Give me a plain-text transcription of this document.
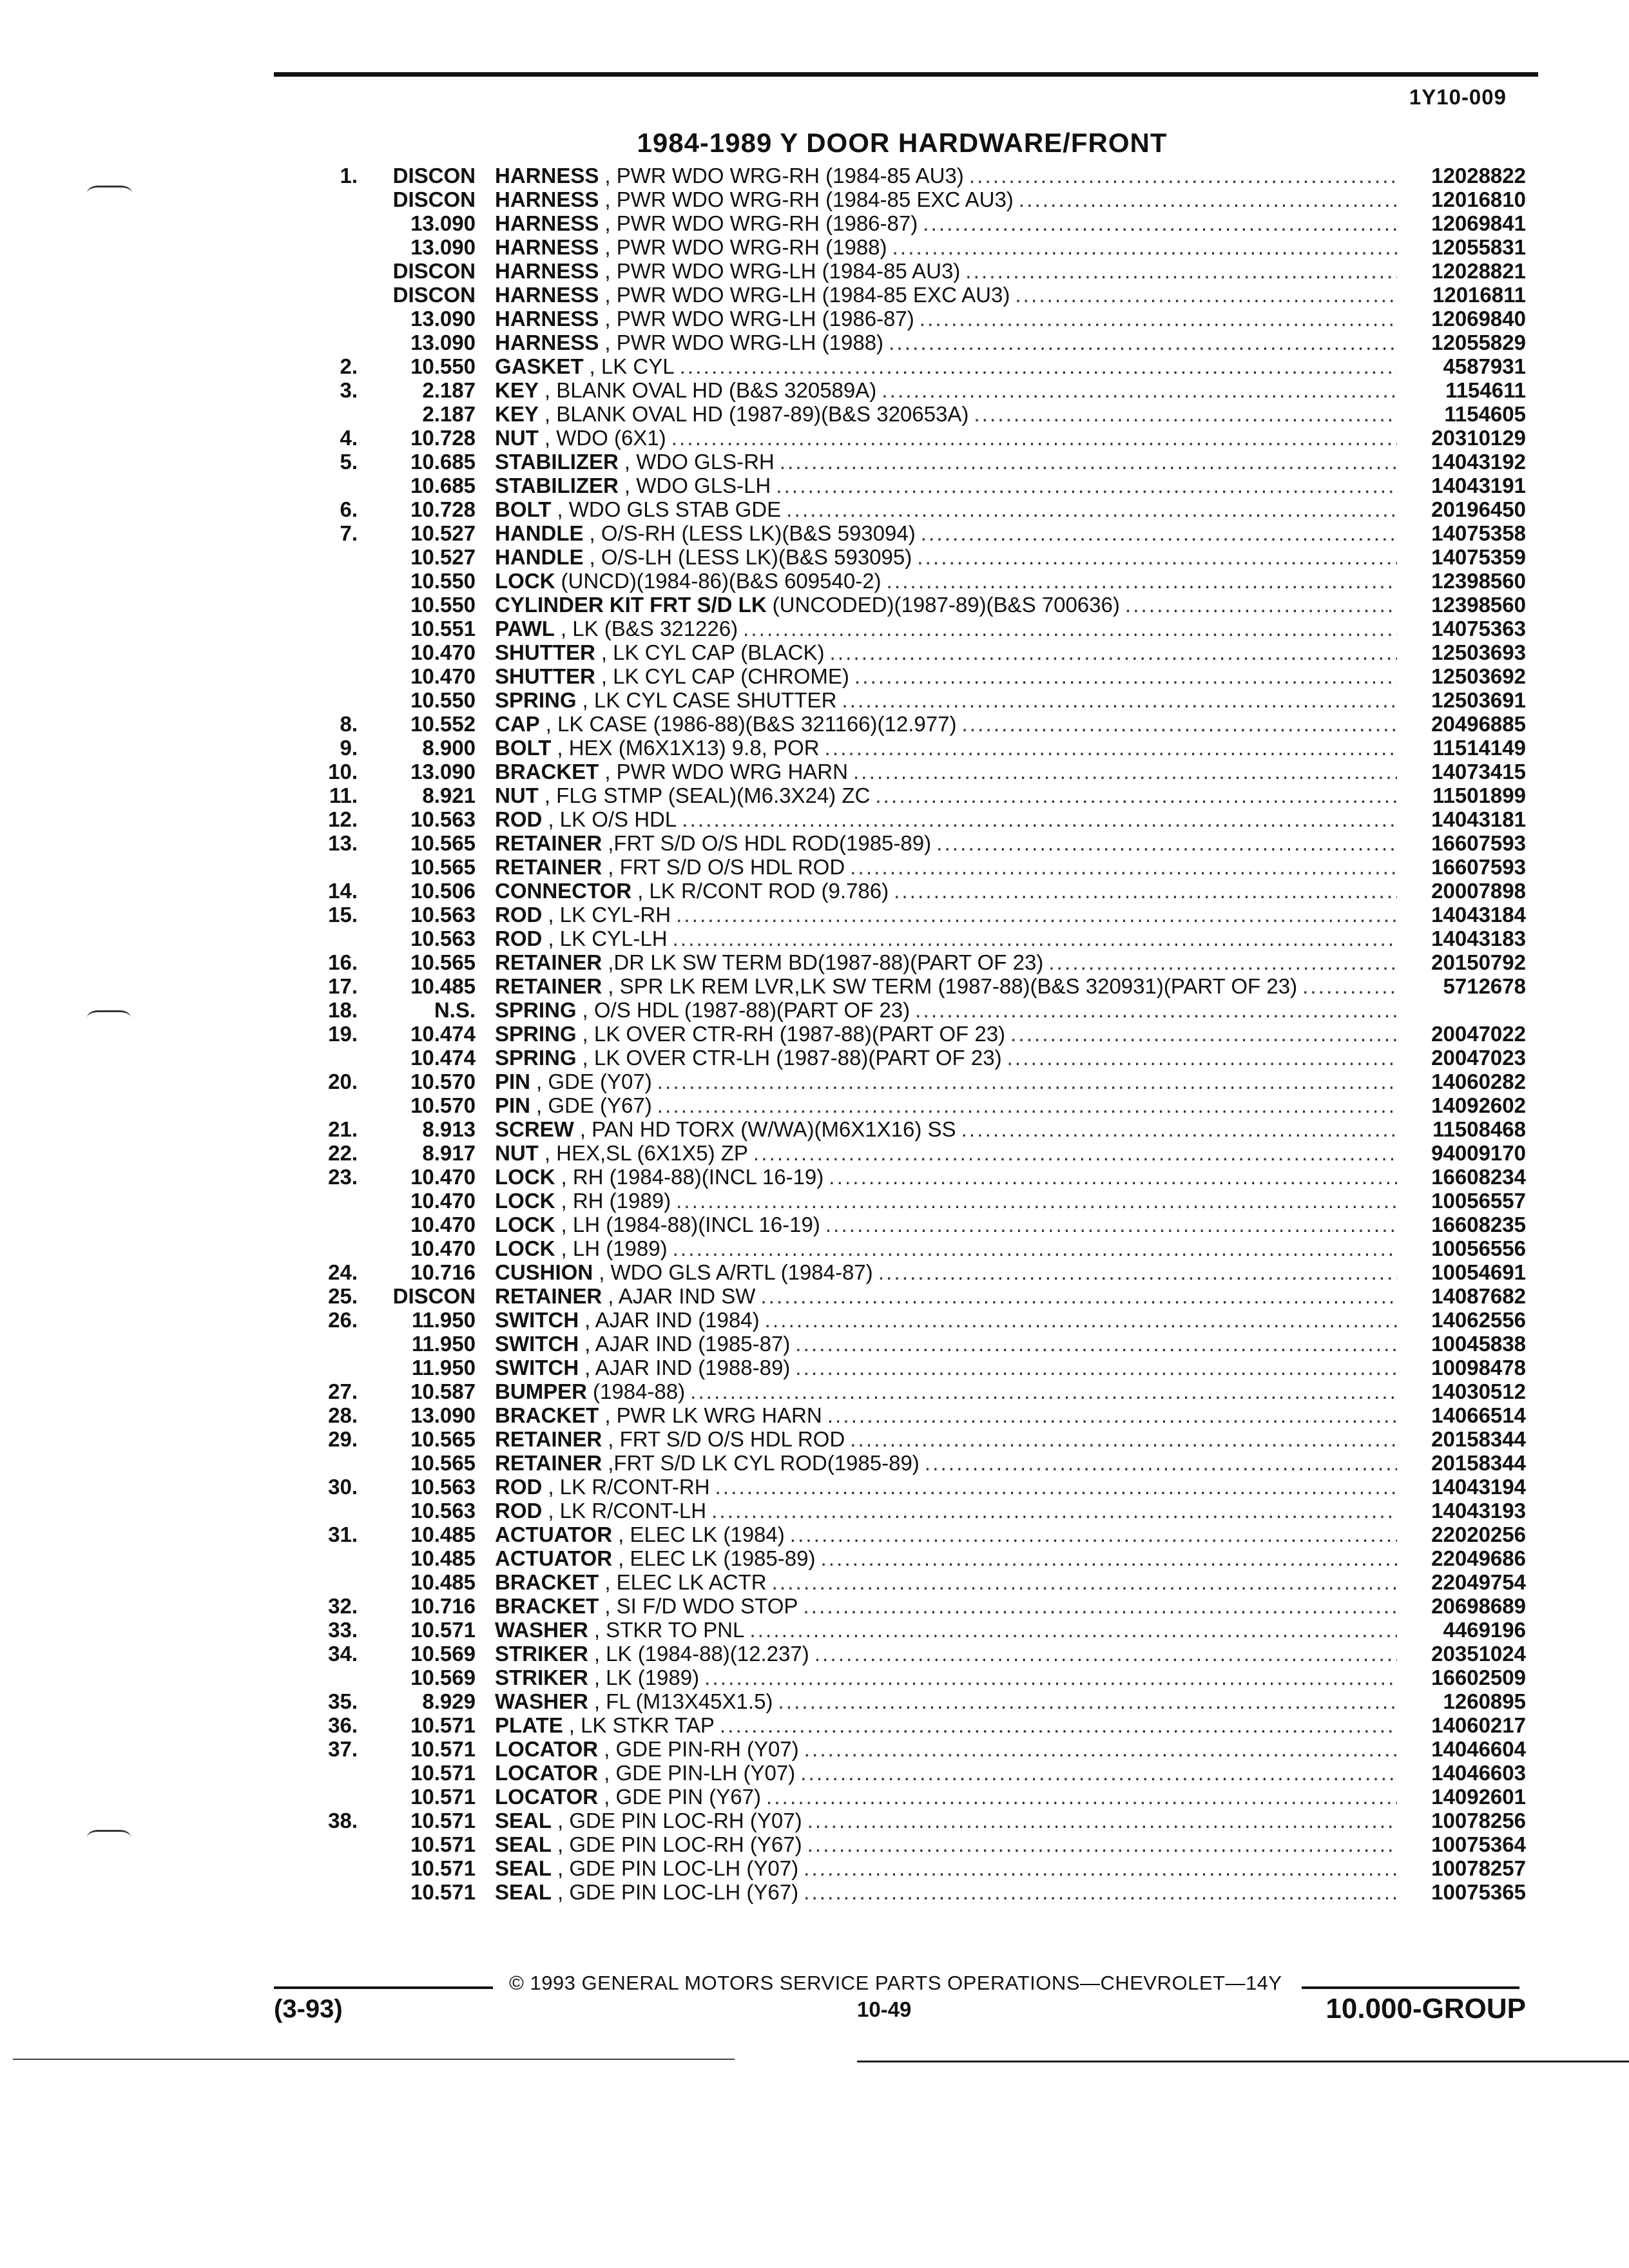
1Y10-009
1984-1989 Y DOOR HARDWARE/FRONT
1.	DISCON HARNESS , PWR WDO WRG-RH (1984-85 AU3) . . .	12028822
DISCON HARNESS , PWR WDO WRG-RH (1984-85 EXC AU3) . . .	12016810
13.090 HARNESS , PWR WDO WRG-RH (1986-87) . . .	12069841
13.090 HARNESS , PWR WDO WRG-RH (1988) . . .	12055831
DISCON HARNESS , PWR WDO WRG-LH (1984-85 AU3) . . .	12028821
DISCON HARNESS , PWR WDO WRG-LH (1984-85 EXC AU3) . . .	12016811
13.090 HARNESS , PWR WDO WRG-LH (1986-87) . . .	12069840
13.090 HARNESS , PWR WDO WRG-LH (1988) . . .	12055829
2.	10.550 GASKET , LK CYL . . .	4587931
3.	2.187 KEY , BLANK OVAL HD (B&S 320589A) . . .	1154611
2.187 KEY , BLANK OVAL HD (1987-89)(B&S 320653A) . . .	1154605
4.	10.728 NUT , WDO (6X1) . . .	20310129
5.	10.685 STABILIZER , WDO GLS-RH . . .	14043192
10.685 STABILIZER , WDO GLS-LH . . .	14043191
6.	10.728 BOLT , WDO GLS STAB GDE . . .	20196450
7.	10.527 HANDLE , O/S-RH (LESS LK)(B&S 593094) . . .	14075358
10.527 HANDLE , O/S-LH (LESS LK)(B&S 593095) . . .	14075359
10.550 LOCK (UNCD)(1984-86)(B&S 609540-2) . . .	12398560
10.550 CYLINDER KIT FRT S/D LK (UNCODED)(1987-89)(B&S 700636) . . .	12398560
10.551 PAWL , LK (B&S 321226) . . .	14075363
10.470 SHUTTER , LK CYL CAP (BLACK) . . .	12503693
10.470 SHUTTER , LK CYL CAP (CHROME) . . .	12503692
10.550 SPRING , LK CYL CASE SHUTTER . . .	12503691
8.	10.552 CAP , LK CASE (1986-88)(B&S 321166)(12.977) . . .	20496885
9.	8.900 BOLT , HEX (M6X1X13) 9.8, POR . . .	11514149
10.	13.090 BRACKET , PWR WDO WRG HARN . . .	14073415
11.	8.921 NUT , FLG STMP (SEAL)(M6.3X24) ZC . . .	11501899
12.	10.563 ROD , LK O/S HDL . . .	14043181
13.	10.565 RETAINER ,FRT S/D O/S HDL ROD(1985-89) . . .	16607593
10.565 RETAINER , FRT S/D O/S HDL ROD . . .	16607593
14.	10.506 CONNECTOR , LK R/CONT ROD (9.786) . . .	20007898
15.	10.563 ROD , LK CYL-RH . . .	14043184
10.563 ROD , LK CYL-LH . . .	14043183
16.	10.565 RETAINER ,DR LK SW TERM BD(1987-88)(PART OF 23) . . .	20150792
17.	10.485 RETAINER , SPR LK REM LVR,LK SW TERM (1987-88)(B&S 320931)(PART OF 23) . . .	5712678
18.	N.S. SPRING , O/S HDL (1987-88)(PART OF 23)
. . .
19.	10.474 SPRING , LK OVER CTR-RH (1987-88)(PART OF 23) . . .	20047022
10.474 SPRING , LK OVER CTR-LH (1987-88)(PART OF 23) . . .	20047023
20.	10.570 PIN , GDE (Y07) . . .	14060282
10.570 PIN , GDE (Y67) . . .	14092602
21.	8.913 SCREW , PAN HD TORX (W/WA)(M6X1X16) SS . . .	11508468
22.	8.917 NUT , HEX,SL (6X1X5) ZP . . .	94009170
23.	10.470 LOCK , RH (1984-88)(INCL 16-19) . . .	16608234
10.470 LOCK , RH (1989) . . .	10056557
10.470 LOCK , LH (1984-88)(INCL 16-19) . . .	16608235
10.470 LOCK , LH (1989) . . .	10056556
24.	10.716 CUSHION , WDO GLS A/RTL (1984-87) . . .	10054691
25.	DISCON RETAINER , AJAR IND SW . . .	14087682
26.	11.950 SWITCH , AJAR IND (1984) . . .	14062556
11.950 SWITCH , AJAR IND (1985-87) . . .	10045838
11.950 SWITCH , AJAR IND (1988-89) . . .	10098478
27.	10.587 BUMPER (1984-88) . . .	14030512
28.	13.090 BRACKET , PWR LK WRG HARN . . .	14066514
29.	10.565 RETAINER , FRT S/D O/S HDL ROD . . .	20158344
10.565 RETAINER ,FRT S/D LK CYL ROD(1985-89) . . .	20158344
30.	10.563 ROD , LK R/CONT-RH . . .	14043194
10.563 ROD , LK R/CONT-LH . . .	14043193
31.	10.485 ACTUATOR , ELEC LK (1984) . . .	22020256
10.485 ACTUATOR , ELEC LK (1985-89) . . .	22049686
10.485 BRACKET , ELEC LK ACTR . . .	22049754
32.	10.716 BRACKET , SI F/D WDO STOP . . .	20698689
33.	10.571 WASHER , STKR TO PNL . . .	4469196
34.	10.569 STRIKER , LK (1984-88)(12.237) . . .	20351024
10.569 STRIKER , LK (1989) . . .	16602509
35.	8.929 WASHER , FL (M13X45X1.5) . . .	1260895
36.	10.571 PLATE , LK STKR TAP . . .	14060217
37.	10.571 LOCATOR , GDE PIN-RH (Y07) . . .	14046604
10.571 LOCATOR , GDE PIN-LH (Y07) . . .	14046603
10.571 LOCATOR , GDE PIN (Y67) . . .	14092601
38.	10.571 SEAL , GDE PIN LOC-RH (Y07) . . .	10078256
10.571 SEAL , GDE PIN LOC-RH (Y67) . . .	10075364
10.571 SEAL , GDE PIN LOC-LH (Y07) . . .	10078257
10.571 SEAL , GDE PIN LOC-LH (Y67) . . .	10075365
© 1993 GENERAL MOTORS SERVICE PARTS OPERATIONS—CHEVROLET—14Y
(3-93)	10-49	10.000-GROUP
